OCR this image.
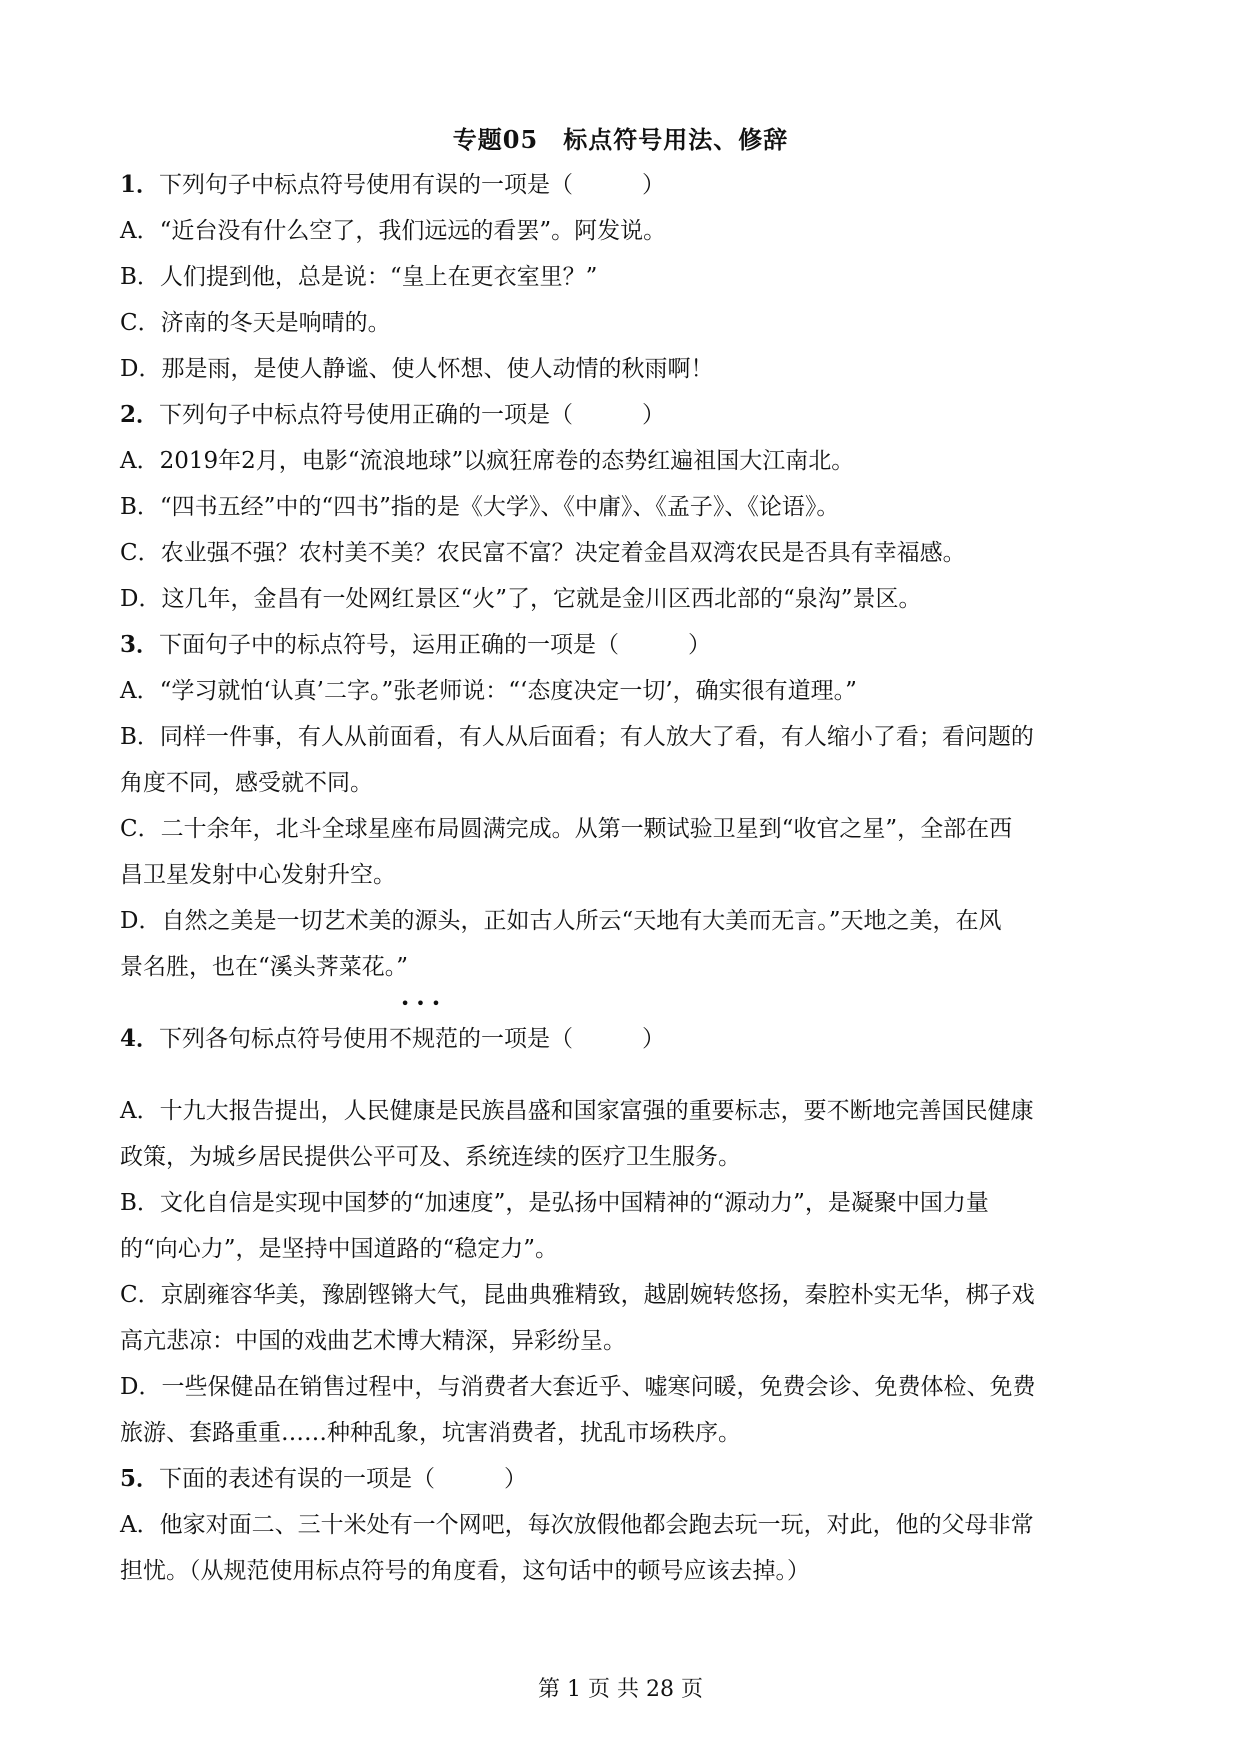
专题05　标点符号用法、修辞
1．下列句子中标点符号使用有误的一项是（　　　）
A．“近台没有什么空了，我们远远的看罢”。阿发说。
B．人们提到他，总是说：“皇上在更衣室里？”
C．济南的冬天是响晴的。
D．那是雨，是使人静谧、使人怀想、使人动情的秋雨啊！
2．下列句子中标点符号使用正确的一项是（　　　）
A．2019年2月，电影“流浪地球”以疯狂席卷的态势红遍祖国大江南北。
B．“四书五经”中的“四书”指的是《大学》、《中庸》、《孟子》、《论语》。
C．农业强不强？农村美不美？农民富不富？决定着金昌双湾农民是否具有幸福感。
D．这几年，金昌有一处网红景区“火”了，它就是金川区西北部的“泉沟”景区。
3．下面句子中的标点符号，运用正确的一项是（　　　）
A．“学习就怕‘认真’二字。”张老师说：“‘态度决定一切’，确实很有道理。”
B．同样一件事，有人从前面看，有人从后面看；有人放大了看，有人缩小了看；看问题的
角度不同，感受就不同。
C．二十余年，北斗全球星座布局圆满完成。从第一颗试验卫星到“收官之星”，全部在西
昌卫星发射中心发射升空。
D．自然之美是一切艺术美的源头，正如古人所云“天地有大美而无言。”天地之美，在风
景名胜，也在“溪头荠菜花。”
4．下列各句标点符号使用
•••
不规范的一项是（　　　）
A．十九大报告提出，人民健康是民族昌盛和国家富强的重要标志，要不断地完善国民健康
政策，为城乡居民提供公平可及、系统连续的医疗卫生服务。
B．文化自信是实现中国梦的“加速度”，是弘扬中国精神的“源动力”，是凝聚中国力量
的“向心力”，是坚持中国道路的“稳定力”。
C．京剧雍容华美，豫剧铿锵大气，昆曲典雅精致，越剧婉转悠扬，秦腔朴实无华，梆子戏
高亢悲凉：中国的戏曲艺术博大精深，异彩纷呈。
D．一些保健品在销售过程中，与消费者大套近乎、嘘寒问暖，免费会诊、免费体检、免费
旅游、套路重重……种种乱象，坑害消费者，扰乱市场秩序。
5．下面的表述有误的一项是（　　　）
A．他家对面二、三十米处有一个网吧，每次放假他都会跑去玩一玩，对此，他的父母非常
担忧。（从规范使用标点符号的角度看，这句话中的顿号应该去掉。）
第 1 页 共 28 页
